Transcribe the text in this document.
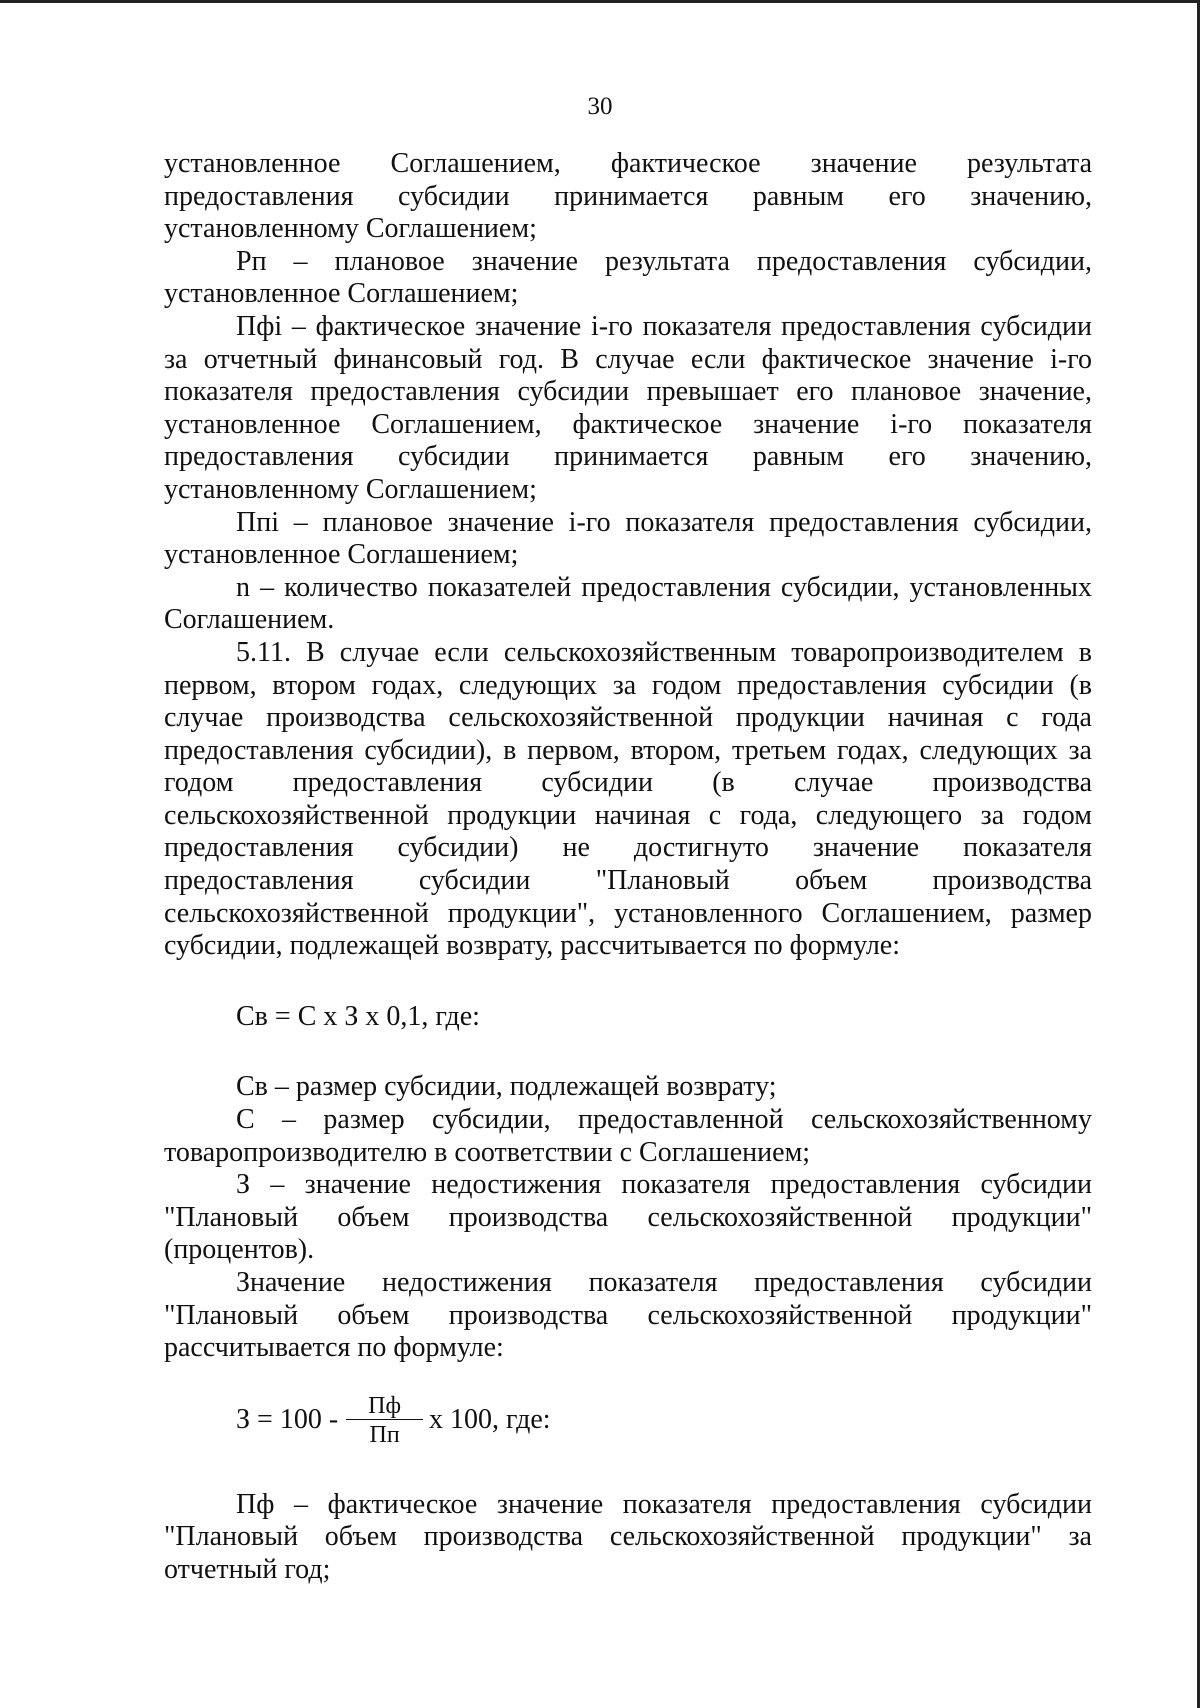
30

установленное Соглашением, фактическое значение результата предоставления субсидии принимается равным его значению, установленному Соглашением;

Рп – плановое значение результата предоставления субсидии, установленное Соглашением;

Пфi – фактическое значение i-го показателя предоставления субсидии за отчетный финансовый год. В случае если фактическое значение i-го показателя предоставления субсидии превышает его плановое значение, установленное Соглашением, фактическое значение i-го показателя предоставления субсидии принимается равным его значению, установленному Соглашением;

Ппi – плановое значение i-го показателя предоставления субсидии, установленное Соглашением;

n – количество показателей предоставления субсидии, установленных Соглашением.

5.11. В случае если сельскохозяйственным товаропроизводителем в первом, втором годах, следующих за годом предоставления субсидии (в случае производства сельскохозяйственной продукции начиная с года предоставления субсидии), в первом, втором, третьем годах, следующих за годом предоставления субсидии (в случае производства сельскохозяйственной продукции начиная с года, следующего за годом предоставления субсидии) не достигнуто значение показателя предоставления субсидии "Плановый объем производства сельскохозяйственной продукции", установленного Соглашением, размер субсидии, подлежащей возврату, рассчитывается по формуле:

Св = С х З х 0,1, где:

Св – размер субсидии, подлежащей возврату;

С – размер субсидии, предоставленной сельскохозяйственному товаропроизводителю в соответствии с Соглашением;

З – значение недостижения показателя предоставления субсидии "Плановый объем производства сельскохозяйственной продукции" (процентов).

Значение недостижения показателя предоставления субсидии "Плановый объем производства сельскохозяйственной продукции" рассчитывается по формуле:

З =
$100 - \frac{Пф}{Пп}$ х 100, где:

Пф – фактическое значение показателя предоставления субсидии "Плановый объем производства сельскохозяйственной продукции" за отчетный год;
